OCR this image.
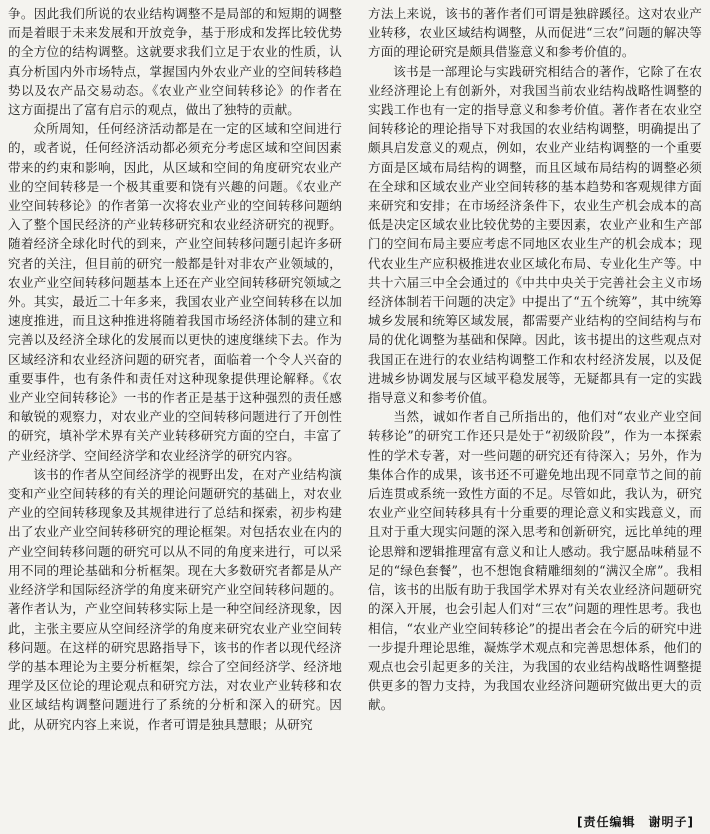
争。因此我们所说的农业结构调整不是局部的和短期的调整而是着眼于未来发展和开放竞争，基于形成和发挥比较优势的全方位的结构调整。这就要求我们立足于农业的性质，认真分析国内外市场特点，掌握国内外农业产业的空间转移趋势以及农产品交易动态。《农业产业空间转移论》的作者在这方面提出了富有启示的观点，做出了独特的贡献。

众所周知，任何经济活动都是在一定的区域和空间进行的，或者说，任何经济活动都必须充分考虑区域和空间因素带来的约束和影响，因此，从区域和空间的角度研究农业产业的空间转移是一个极其重要和饶有兴趣的问题。《农业产业空间转移论》的作者第一次将农业产业的空间转移问题纳入了整个国民经济的产业转移研究和农业经济研究的视野。随着经济全球化时代的到来，产业空间转移问题引起许多研究者的关注，但目前的研究一般都是针对非农产业领域的，农业产业空间转移问题基本上还在产业空间转移研究领域之外。其实，最近二十年多来，我国农业产业空间转移在以加速度推进，而且这种推进将随着我国市场经济体制的建立和完善以及经济全球化的发展而以更快的速度继续下去。作为区域经济和农业经济问题的研究者，面临着一个令人兴奋的重要事件，也有条件和责任对这种现象提供理论解释。《农业产业空间转移论》一书的作者正是基于这种强烈的责任感和敏锐的观察力，对农业产业的空间转移问题进行了开创性的研究，填补学术界有关产业转移研究方面的空白，丰富了产业经济学、空间经济学和农业经济学的研究内容。

该书的作者从空间经济学的视野出发，在对产业结构演变和产业空间转移的有关的理论问题研究的基础上，对农业产业的空间转移现象及其规律进行了总结和探索，初步构建出了农业产业空间转移研究的理论框架。对包括农业在内的产业空间转移问题的研究可以从不同的角度来进行，可以采用不同的理论基础和分析框架。现在大多数研究者都是从产业经济学和国际经济学的角度来研究产业空间转移问题的。著作者认为，产业空间转移实际上是一种空间经济现象，因此，主张主要应从空间经济学的角度来研究农业产业空间转移问题。在这样的研究思路指导下，该书的作者以现代经济学的基本理论为主要分析框架，综合了空间经济学、经济地理学及区位论的理论观点和研究方法，对农业产业转移和农业区域结构调整问题进行了系统的分析和深入的研究。因此，从研究内容上来说，作者可谓是独具慧眼；从研究

方法上来说，该书的著作者们可谓是独辟蹊径。这对农业产业转移，农业区域结构调整，从而促进“三农”问题的解决等方面的理论研究是颇具借鉴意义和参考价值的。

该书是一部理论与实践研究相结合的著作，它除了在农业经济理论上有创新外，对我国当前农业结构战略性调整的实践工作也有一定的指导意义和参考价值。著作者在农业空间转移论的理论指导下对我国的农业结构调整，明确提出了颇具启发意义的观点，例如，农业产业结构调整的一个重要方面是区域布局结构的调整，而且区域布局结构的调整必须在全球和区域农业产业空间转移的基本趋势和客观规律方面来研究和安排；在市场经济条件下，农业生产机会成本的高低是决定区域农业比较优势的主要因素，农业产业和生产部门的空间布局主要应考虑不同地区农业生产的机会成本；现代农业生产应积极推进农业区域化布局、专业化生产等。中共十六届三中全会通过的《中共中央关于完善社会主义市场经济体制若干问题的决定》中提出了“五个统筹”，其中统筹城乡发展和统筹区域发展，都需要产业结构的空间结构与布局的优化调整为基础和保障。因此，该书提出的这些观点对我国正在进行的农业结构调整工作和农村经济发展，以及促进城乡协调发展与区域平稳发展等，无疑都具有一定的实践指导意义和参考价值。

当然，诚如作者自己所指出的，他们对“农业产业空间转移论”的研究工作还只是处于“初级阶段”，作为一本探索性的学术专著，对一些问题的研究还有待深入；另外，作为集体合作的成果，该书还不可避免地出现不同章节之间的前后连贯或系统一致性方面的不足。尽管如此，我认为，研究农业产业空间转移具有十分重要的理论意义和实践意义，而且对于重大现实问题的深入思考和创新研究，远比单纯的理论思辩和逻辑推理富有意义和让人感动。我宁愿品味稍显不足的“绿色套餐”，也不想饱食精雕细刻的“满汉全席”。我相信，该书的出版有助于我国学术界对有关农业经济问题研究的深入开展，也会引起人们对“三农”问题的理性思考。我也相信，“农业产业空间转移论”的提出者会在今后的研究中进一步提升理论思维，凝炼学术观点和完善思想体系，他们的观点也会引起更多的关注，为我国的农业结构战略性调整提供更多的智力支持，为我国农业经济问题研究做出更大的贡献。

[责任编辑　谢明子]
